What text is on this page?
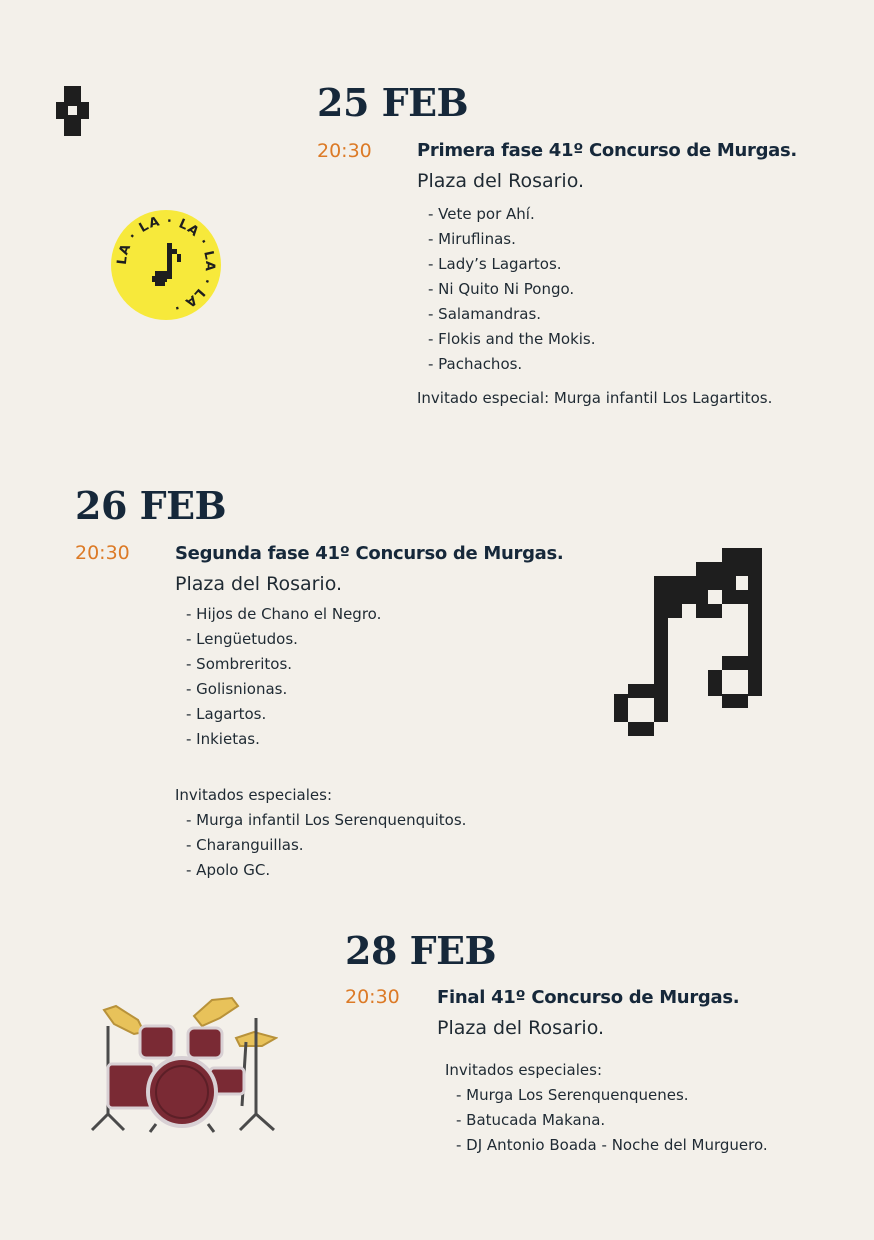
LA · LA · LA · LA · LA ·
25 FEB
20:30	Primera fase 41º Concurso de Murgas.
Plaza del Rosario.
- Vete por Ahí.
- Miruflinas.
- Lady’s Lagartos.
- Ni Quito Ni Pongo.
- Salamandras.
- Flokis and the Mokis.
- Pachachos.
Invitado especial: Murga infantil Los Lagartitos.
26 FEB
20:30	Segunda fase 41º Concurso de Murgas.
Plaza del Rosario.
- Hijos de Chano el Negro.
- Lengüetudos.
- Sombreritos.
- Golisnionas.
- Lagartos.
- Inkietas.
Invitados especiales:
- Murga infantil Los Serenquenquitos.
- Charanguillas.
- Apolo GC.
28 FEB
20:30 Final 41º Concurso de Murgas.
Plaza del Rosario.
Invitados especiales:
- Murga Los Serenquenquenes.
- Batucada Makana.
- DJ Antonio Boada - Noche del Murguero.
